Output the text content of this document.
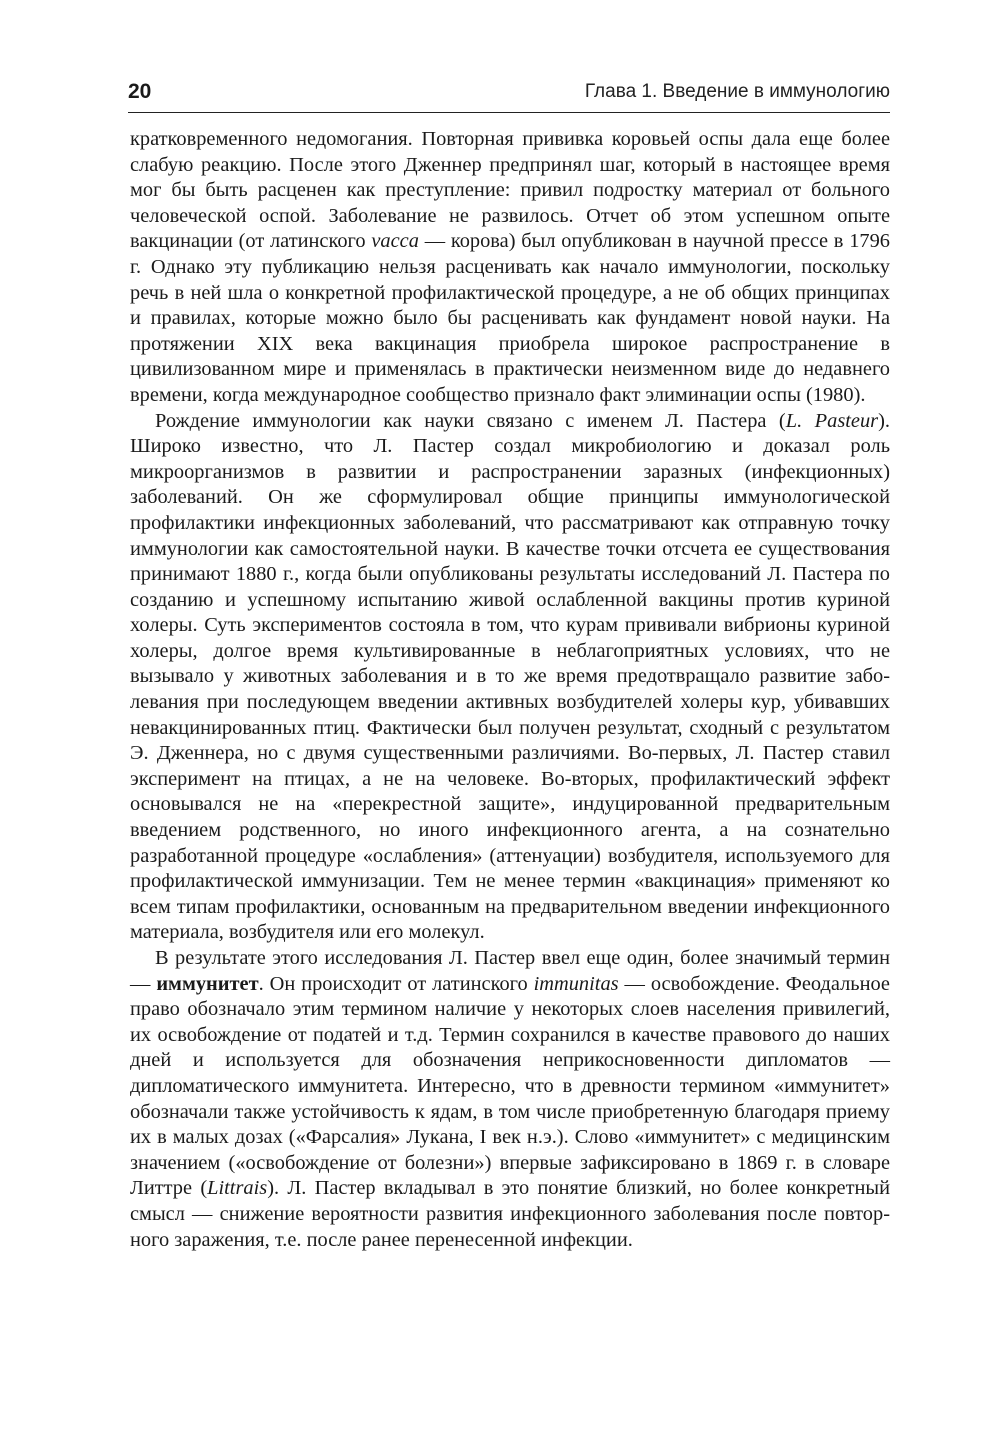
20	Глава 1. Введение в иммунологию

кратковременного недомогания. Повторная прививка коровьей оспы дала еще более слабую реакцию. После этого Дженнер предпринял шаг, который в настоящее время мог бы быть расценен как преступление: привил подростку материал от больного человеческой оспой. Заболевание не развилось. Отчет об этом успешном опыте вакцинации (от латинского vacca — корова) был опубликован в научной прессе в 1796 г. Однако эту публикацию нельзя расценивать как начало иммунологии, поскольку речь в ней шла о конкретной профилактической процедуре, а не об общих принципах и правилах, которые можно было бы расценивать как фундамент новой науки. На протяжении XIX века вакцинация приобрела широкое распространение в цивилизованном мире и применялась в практически неизменном виде до недавнего времени, когда международное сообщество признало факт элиминации оспы (1980).

Рождение иммунологии как науки связано с именем Л. Пастера (L. Pasteur). Широко известно, что Л. Пастер создал микробиологию и доказал роль микроорганизмов в развитии и распространении заразных (инфекционных) заболеваний. Он же сформулировал общие принципы иммунологической профилактики инфекционных заболеваний, что рассматривают как отправную точку иммунологии как самостоятельной науки. В качестве точки отсчета ее существования принимают 1880 г., когда были опубликованы результаты исследований Л. Пастера по созданию и успешному испытанию живой ослабленной вакцины против куриной холеры. Суть экспериментов состояла в том, что курам прививали вибрионы куриной холеры, долгое время культивированные в неблагоприятных условиях, что не вызывало у животных заболевания и в то же время предотвращало развитие заболевания при последующем введении активных возбудителей холеры кур, убивавших невакцинированных птиц. Фактически был получен результат, сходный с результатом Э. Дженнера, но с двумя существенными различиями. Во-первых, Л. Пастер ставил эксперимент на птицах, а не на человеке. Во-вторых, профилактический эффект основывался не на «перекрестной защите», индуцированной предварительным введением родственного, но иного инфекционного агента, а на сознательно разработанной процедуре «ослабления» (аттенуации) возбудителя, используемого для профилактической иммунизации. Тем не менее термин «вакцинация» применяют ко всем типам профилактики, основанным на предварительном введении инфекционного материала, возбудителя или его молекул.

В результате этого исследования Л. Пастер ввел еще один, более значимый термин — иммунитет. Он происходит от латинского immunitas — освобождение. Феодальное право обозначало этим термином наличие у некоторых слоев населения привилегий, их освобождение от податей и т.д. Термин сохранился в качестве правового до наших дней и используется для обозначения неприкосновенности дипломатов — дипломатического иммунитета. Интересно, что в древности термином «иммунитет» обозначали также устойчивость к ядам, в том числе приобретенную благодаря приему их в малых дозах («Фарсалия» Лукана, I век н.э.). Слово «иммунитет» с медицинским значением («освобождение от болезни») впервые зафиксировано в 1869 г. в словаре Литтре (Littrais). Л. Пастер вкладывал в это понятие близкий, но более конкретный смысл — снижение вероятности развития инфекционного заболевания после повторного заражения, т.е. после ранее перенесенной инфекции.
